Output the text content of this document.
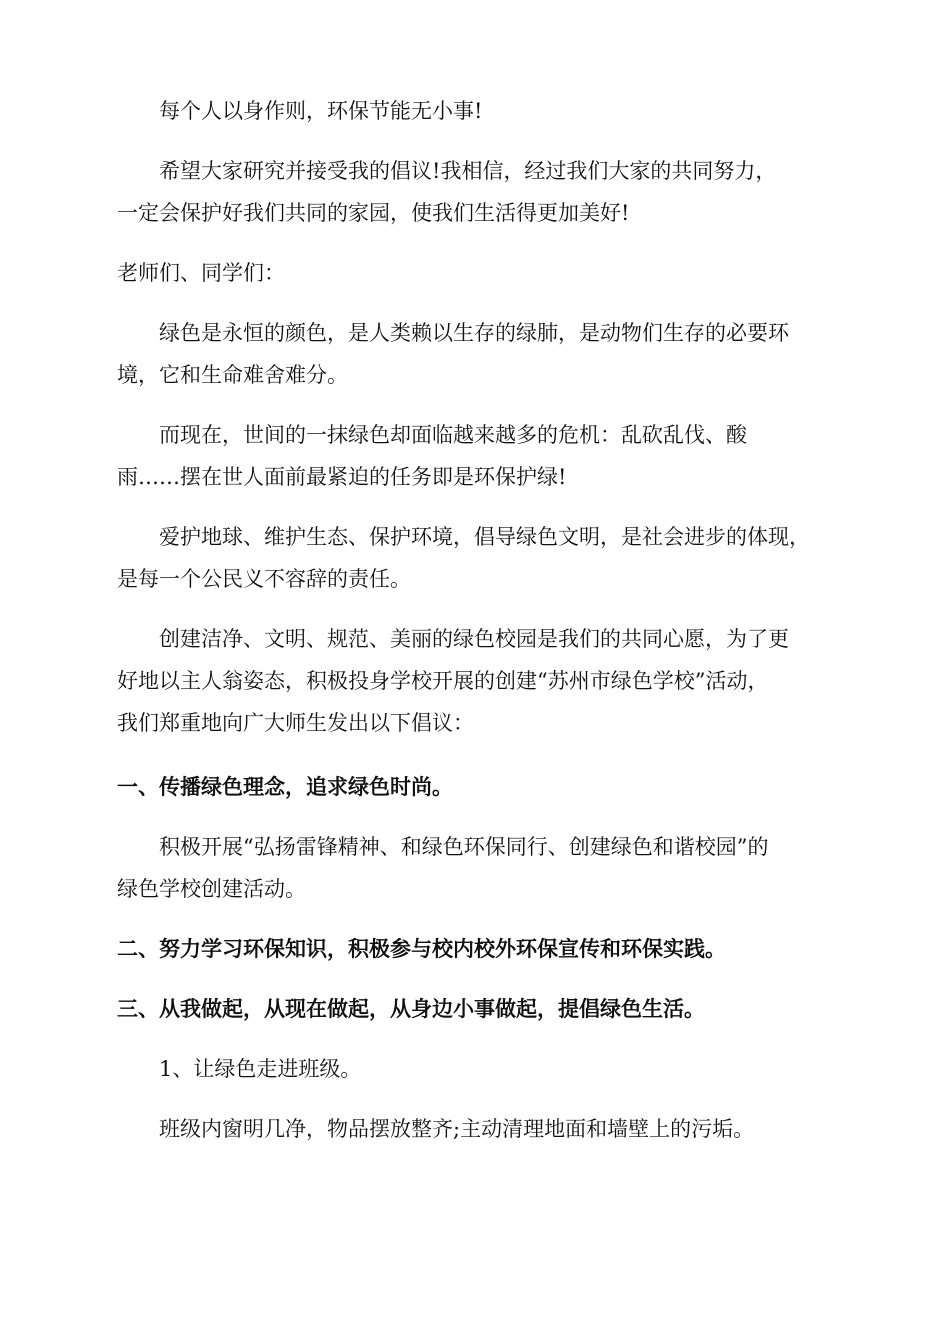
每个人以身作则，环保节能无小事!

希望大家研究并接受我的倡议!我相信，经过我们大家的共同努力，
一定会保护好我们共同的家园，使我们生活得更加美好!

老师们、同学们：

绿色是永恒的颜色，是人类赖以生存的绿肺，是动物们生存的必要环
境，它和生命难舍难分。

而现在，世间的一抹绿色却面临越来越多的危机：乱砍乱伐、酸
雨……摆在世人面前最紧迫的任务即是环保护绿!

爱护地球、维护生态、保护环境，倡导绿色文明，是社会进步的体现，
是每一个公民义不容辞的责任。

创建洁净、文明、规范、美丽的绿色校园是我们的共同心愿，为了更
好地以主人翁姿态，积极投身学校开展的创建“苏州市绿色学校”活动，
我们郑重地向广大师生发出以下倡议：

一、传播绿色理念，追求绿色时尚。

积极开展“弘扬雷锋精神、和绿色环保同行、创建绿色和谐校园”的
绿色学校创建活动。

二、努力学习环保知识，积极参与校内校外环保宣传和环保实践。

三、从我做起，从现在做起，从身边小事做起，提倡绿色生活。

1、让绿色走进班级。

班级内窗明几净，物品摆放整齐;主动清理地面和墙壁上的污垢。
